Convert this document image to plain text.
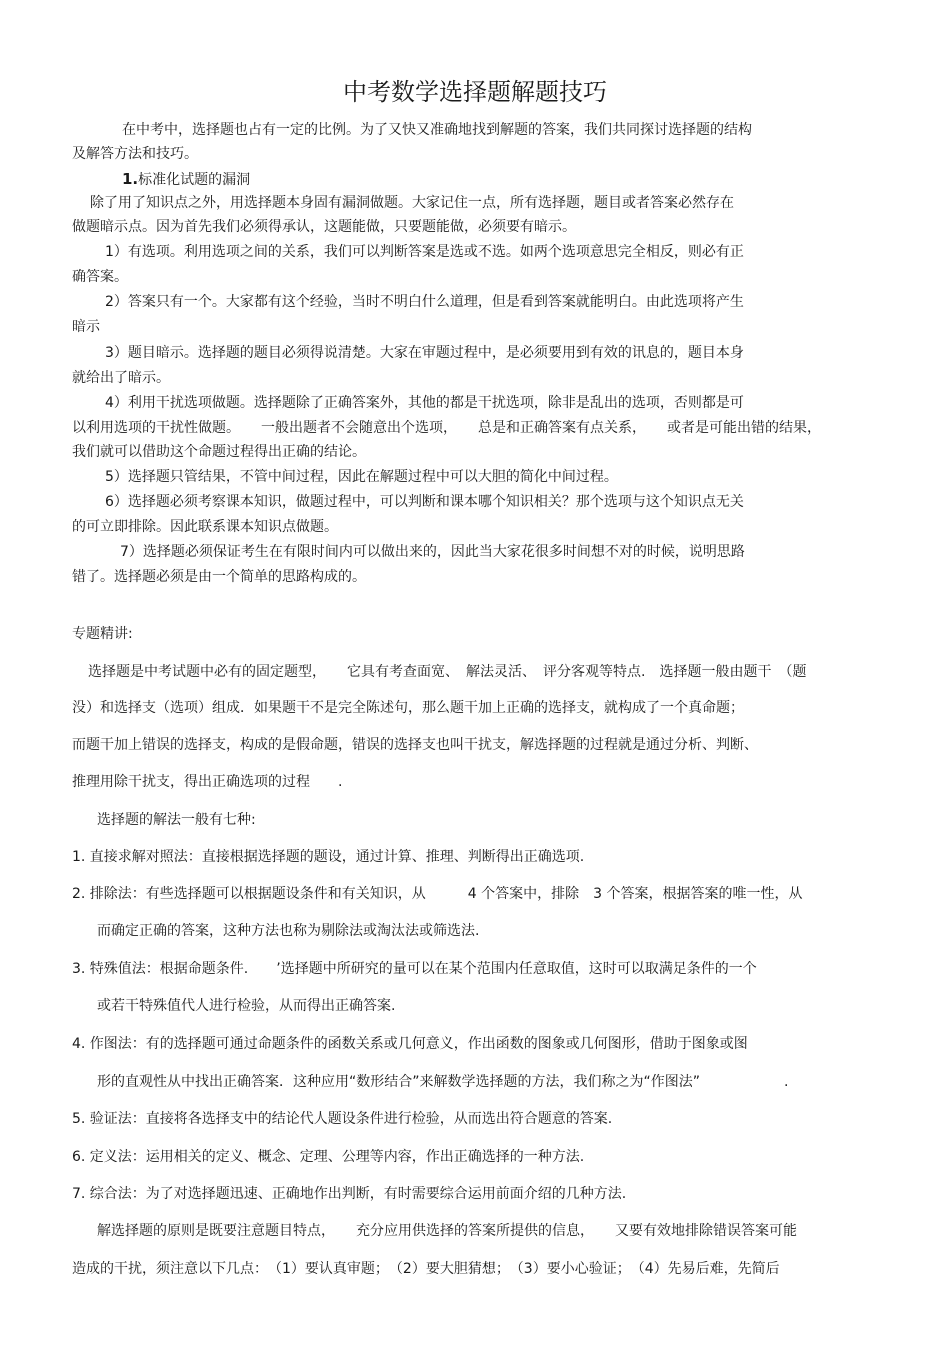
中考数学选择题解题技巧
在中考中，选择题也占有一定的比例。为了又快又准确地找到解题的答案，我们共同探讨选择题的结构
及解答方法和技巧。
1.标准化试题的漏洞
除了用了知识点之外，用选择题本身固有漏洞做题。大家记住一点，所有选择题，题目或者答案必然存在
做题暗示点。因为首先我们必须得承认，这题能做，只要题能做，必须要有暗示。
1）有选项。利用选项之间的关系，我们可以判断答案是选或不选。如两个选项意思完全相反，则必有正
确答案。
2）答案只有一个。大家都有这个经验，当时不明白什么道理，但是看到答案就能明白。由此选项将产生
暗示
3）题目暗示。选择题的题目必须得说清楚。大家在审题过程中，是必须要用到有效的讯息的，题目本身
就给出了暗示。
4）利用干扰选项做题。选择题除了正确答案外，其他的都是干扰选项，除非是乱出的选项，否则都是可
以利用选项的干扰性做题。　　一般出题者不会随意出个选项，　　总是和正确答案有点关系，　　或者是可能出错的结果，
我们就可以借助这个命题过程得出正确的结论。
5）选择题只管结果，不管中间过程，因此在解题过程中可以大胆的简化中间过程。
6）选择题必须考察课本知识，做题过程中，可以判断和课本哪个知识相关？那个选项与这个知识点无关
的可立即排除。因此联系课本知识点做题。
7）选择题必须保证考生在有限时间内可以做出来的，因此当大家花很多时间想不对的时候，说明思路
错了。选择题必须是由一个简单的思路构成的。
专题精讲:
选择题是中考试题中必有的固定题型，　　它具有考查面宽、　解法灵活、　评分客观等特点.　选择题一般由题干　（题
没）和选择支（选项）组成．如果题干不是完全陈述句，那么题干加上正确的选择支，就构成了一个真命题；
而题干加上错误的选择支，构成的是假命题，错误的选择支也叫干扰支，解选择题的过程就是通过分析、判断、
推理用除干扰支，得出正确选项的过程　　.
选择题的解法一般有七种:
1. 直接求解对照法：直接根据选择题的题设，通过计算、推理、判断得出正确选项.
2. 排除法：有些选择题可以根据题设条件和有关知识，从　　　4 个答案中，排除　3 个答案，根据答案的唯一性，从
而确定正确的答案，这种方法也称为剔除法或淘汰法或筛选法.
3. 特殊值法：根据命题条件.　　’选择题中所研究的量可以在某个范围内任意取值，这时可以取满足条件的一个
或若干特殊值代人进行检验，从而得出正确答案.
4. 作图法：有的选择题可通过命题条件的函数关系或几何意义，作出函数的图象或几何图形，借助于图象或图
形的直观性从中找出正确答案．这种应用“数形结合”来解数学选择题的方法，我们称之为“作图法”　　　　　　.
5. 验证法：直接将各选择支中的结论代人题设条件进行检验，从而选出符合题意的答案.
6. 定义法：运用相关的定义、概念、定理、公理等内容，作出正确选择的一种方法.
7. 综合法：为了对选择题迅速、正确地作出判断，有时需要综合运用前面介绍的几种方法.
解选择题的原则是既要注意题目特点，　　充分应用供选择的答案所提供的信息，　　又要有效地排除错误答案可能
造成的干扰，须注意以下几点：　（1）要认真审题；　（2）要大胆猜想；　（3）要小心验证；　（4）先易后难，先简后
